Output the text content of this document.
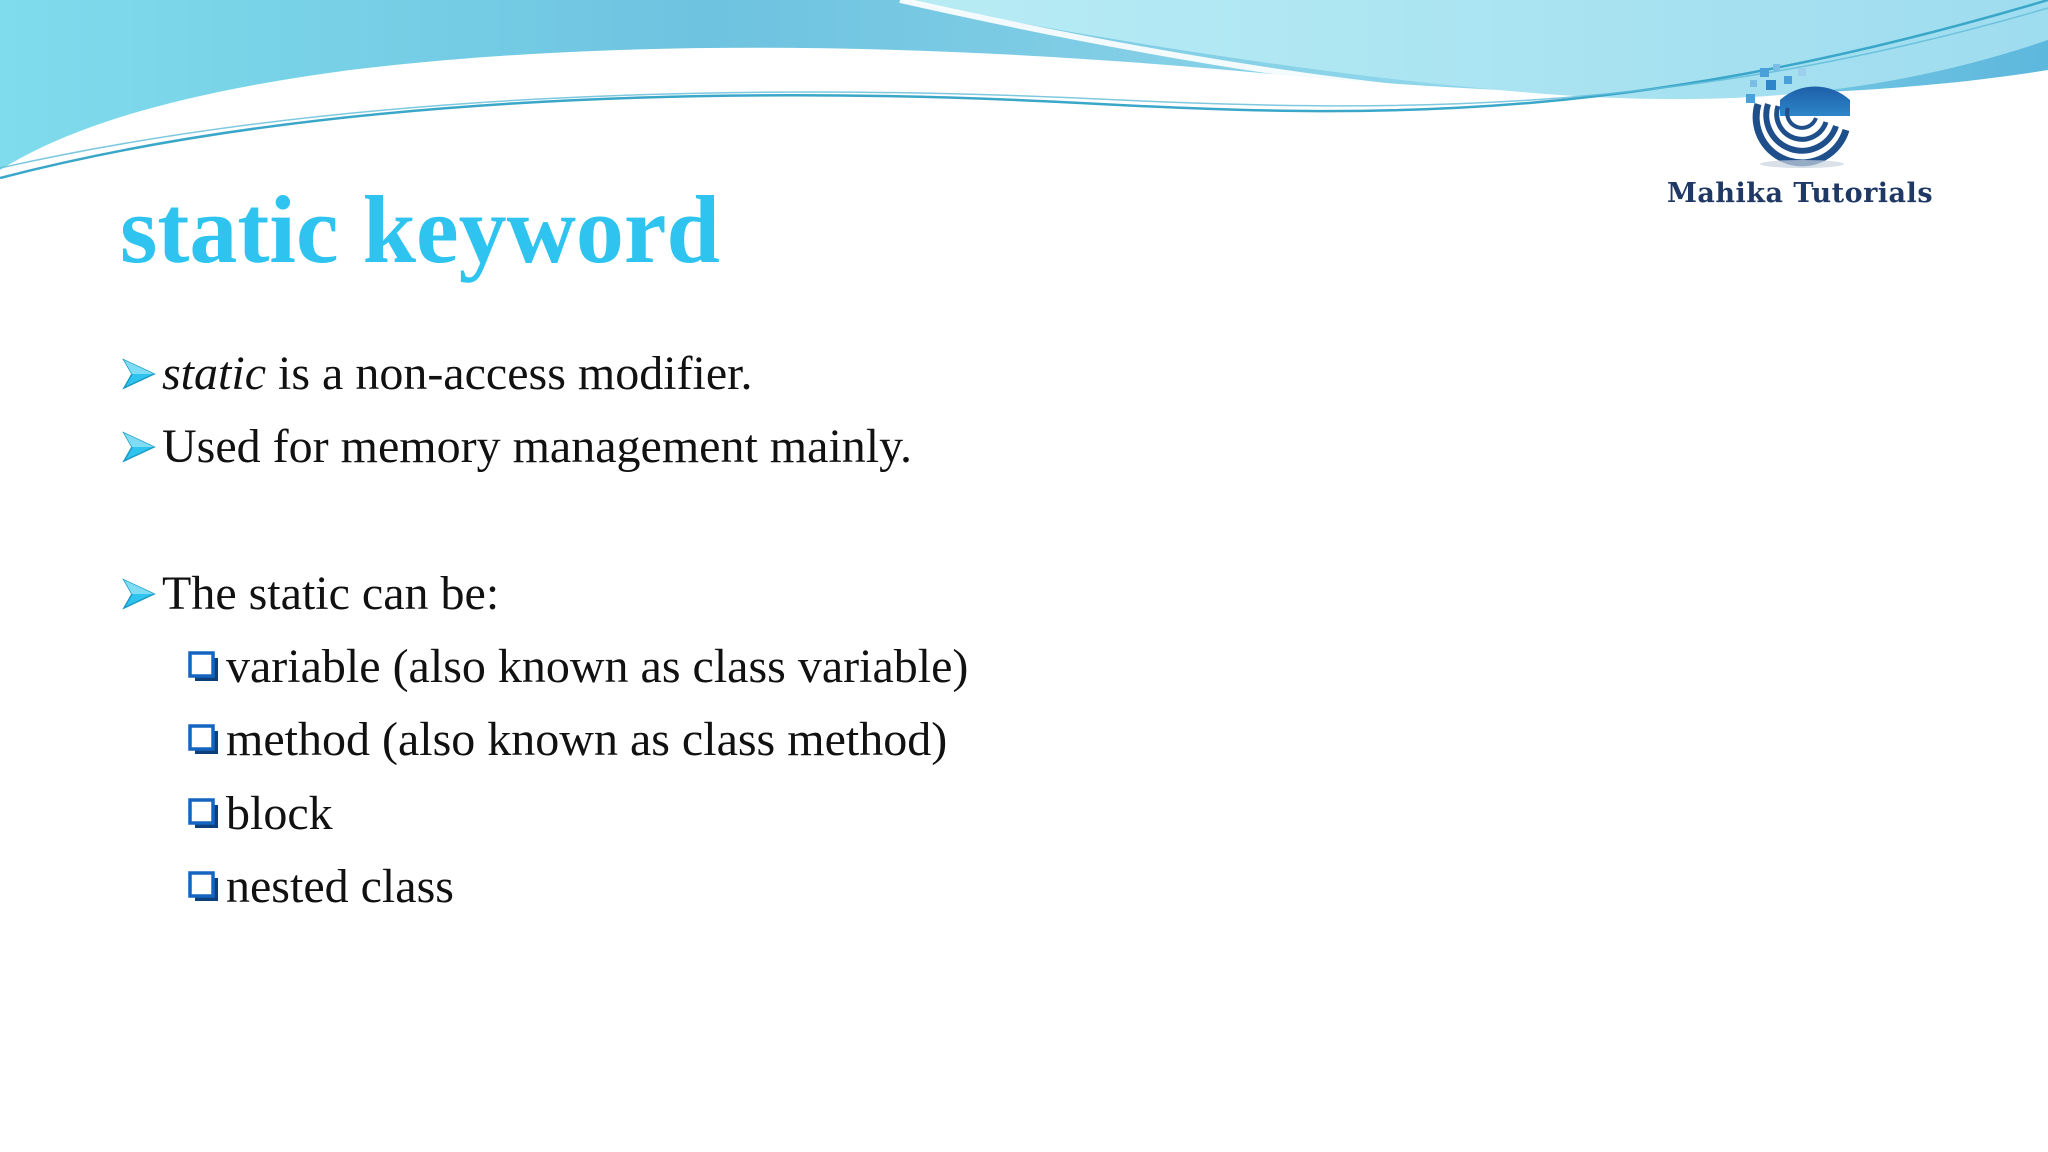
Mahika Tutorials
static keyword
static is a non-access modifier.
Used for memory management mainly.
The static can be:
variable (also known as class variable)
method (also known as class method)
block
nested class
